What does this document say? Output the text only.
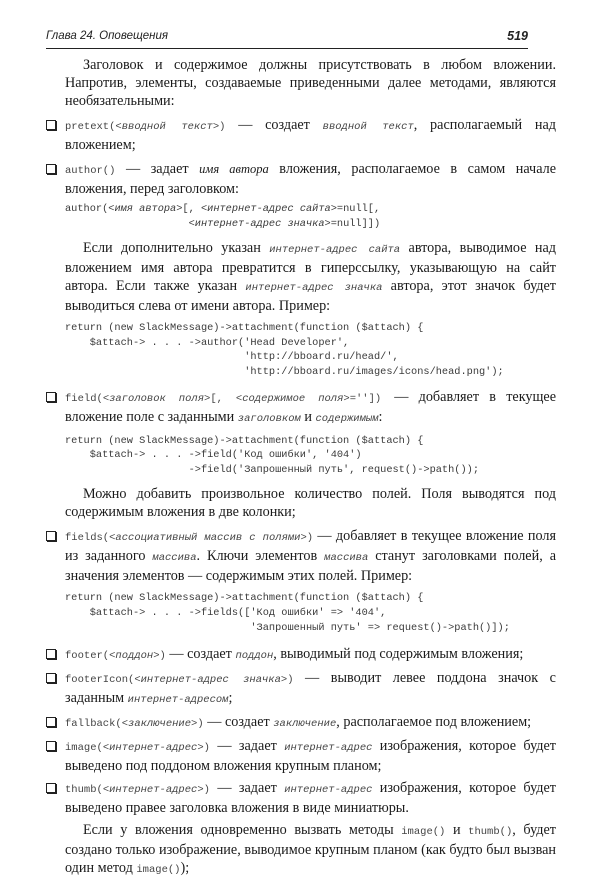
Глава 24. Оповещения	519

Заголовок и содержимое должны присутствовать в любом вложении. Напротив, элементы, создаваемые приведенными далее методами, являются необязательными:

pretext(<вводной текст>) — создает вводной текст, располагаемый над вложением;

author() — задает имя автора вложения, располагаемое в самом начале вложения, перед заголовком:

author(<имя автора>[, <интернет-адрес сайта>=null[,
<интернет-адрес значка>=null]])

Если дополнительно указан интернет-адрес сайта автора, выводимое над вложением имя автора превратится в гиперссылку, указывающую на сайт автора. Если также указан интернет-адрес значка автора, этот значок будет выводиться слева от имени автора. Пример:

return (new SlackMessage)->attachment(function ($attach) {
$attach-> . . . ->author('Head Developer',
'http://bboard.ru/head/',
'http://bboard.ru/images/icons/head.png');

field(<заголовок поля>[, <содержимое поля>='']) — добавляет в текущее вложение поле с заданными заголовком и содержимым:

return (new SlackMessage)->attachment(function ($attach) {
$attach-> . . . ->field('Код ошибки', '404')
->field('Запрошенный путь', request()->path());

Можно добавить произвольное количество полей. Поля выводятся под содержимым вложения в две колонки;

fields(<ассоциативный массив с полями>) — добавляет в текущее вложение поля из заданного массива. Ключи элементов массива станут заголовками полей, а значения элементов — содержимым этих полей. Пример:

return (new SlackMessage)->attachment(function ($attach) {
$attach-> . . . ->fields(['Код ошибки' => '404',
'Запрошенный путь' => request()->path()]);

footer(<поддон>) — создает поддон, выводимый под содержимым вложения;

footerIcon(<интернет-адрес значка>) — выводит левее поддона значок с заданным интернет-адресом;

fallback(<заключение>) — создает заключение, располагаемое под вложением;

image(<интернет-адрес>) — задает интернет-адрес изображения, которое будет выведено под поддоном вложения крупным планом;

thumb(<интернет-адрес>) — задает интернет-адрес изображения, которое будет выведено правее заголовка вложения в виде миниатюры.

Если у вложения одновременно вызвать методы image() и thumb(), будет создано только изображение, выводимое крупным планом (как будто был вызван один метод image());
